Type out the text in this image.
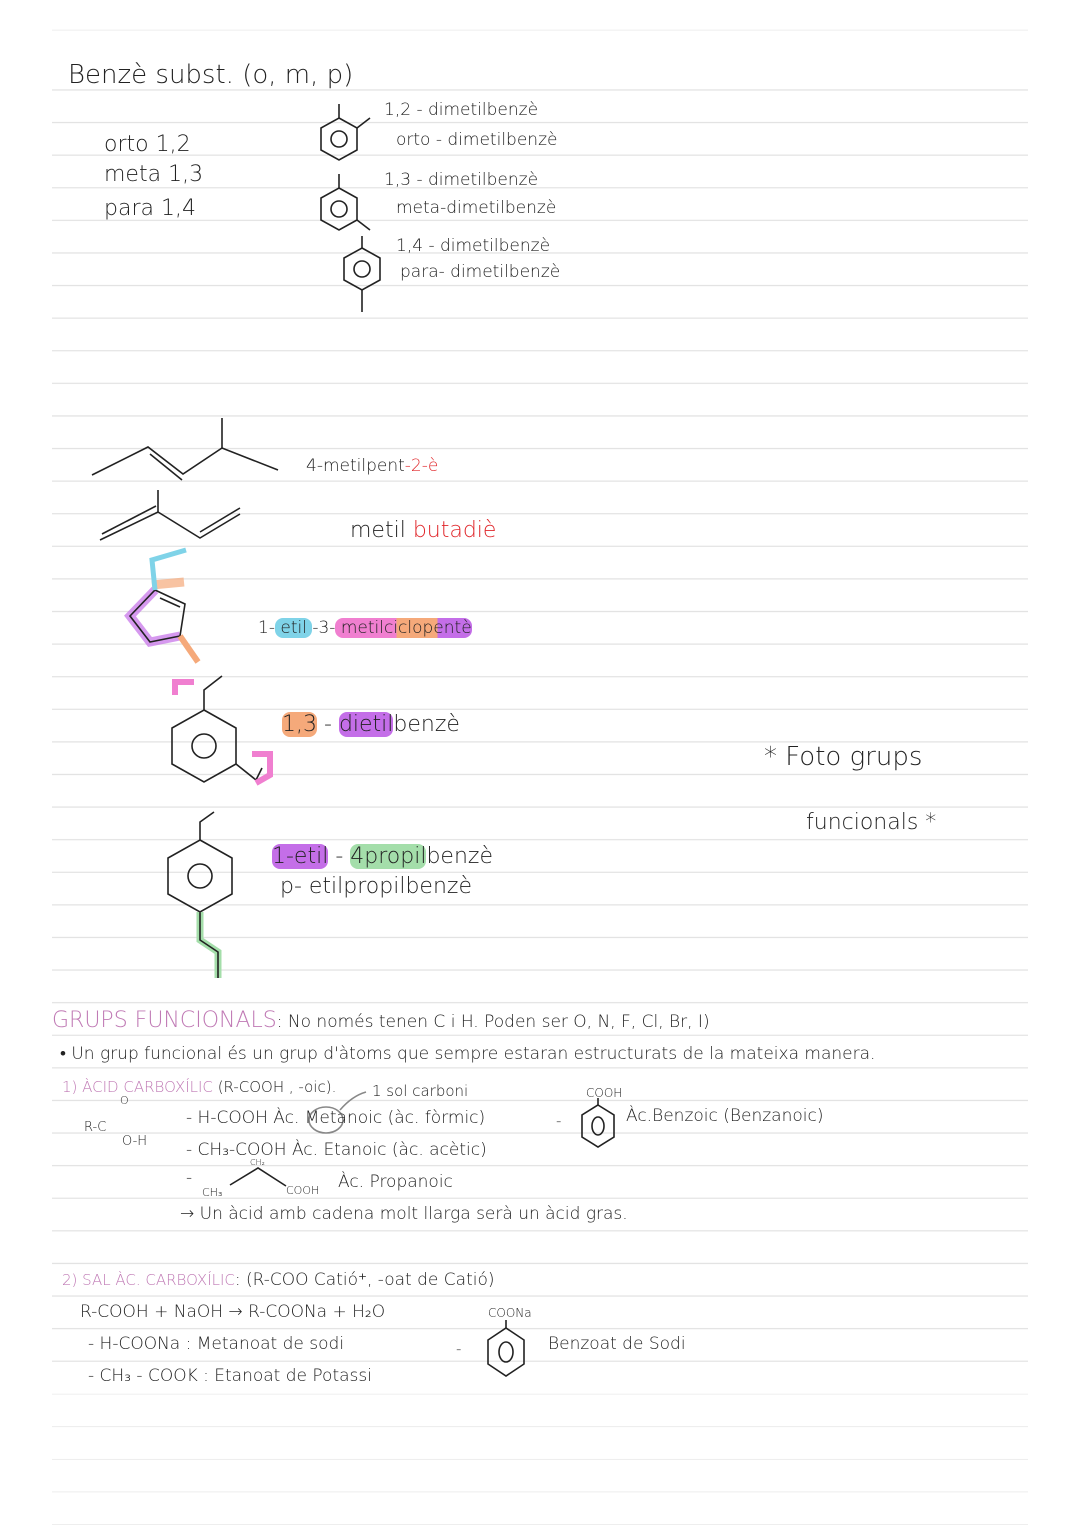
Benzè subst. (o, m, p)
orto 1,2
meta 1,3
para 1,4
1,2 - dimetilbenzè
orto - dimetilbenzè
1,3 - dimetilbenzè
meta-dimetilbenzè
1,4 - dimetilbenzè
para- dimetilbenzè
4-metilpent-2-è
metil butadiè
1- etil -3- metilciclopentè
1,3 - dietilbenzè
1-etil - 4propilbenzè
p- etilpropilbenzè
* Foto grups
funcionals *
GRUPS FUNCIONALS: No només tenen C i H. Poden ser O, N, F, Cl, Br, I)
• Un grup funcional és un grup d'àtoms que sempre estaran estructurats de la mateixa manera.
1) ÀCID CARBOXÍLIC (R-COOH , -oic). 1 sol carboni
O
R-C
O-H
- H-COOH Àc. Metanoic (àc. fòrmic)
- CH₃-COOH Àc. Etanoic (àc. acètic)
-
CH₃
CH₂
COOH Àc. Propanoic
-
COOH
Àc.Benzoic (Benzanoic)
→ Un àcid amb cadena molt llarga serà un àcid gras.
2) SAL ÀC. CARBOXÍLIC: (R-COO Catió⁺, -oat de Catió)
R-COOH + NaOH → R-COONa + H₂O
- H-COONa : Metanoat de sodi
- CH₃ - COOK : Etanoat de Potassi
-
COONa
Benzoat de Sodi
